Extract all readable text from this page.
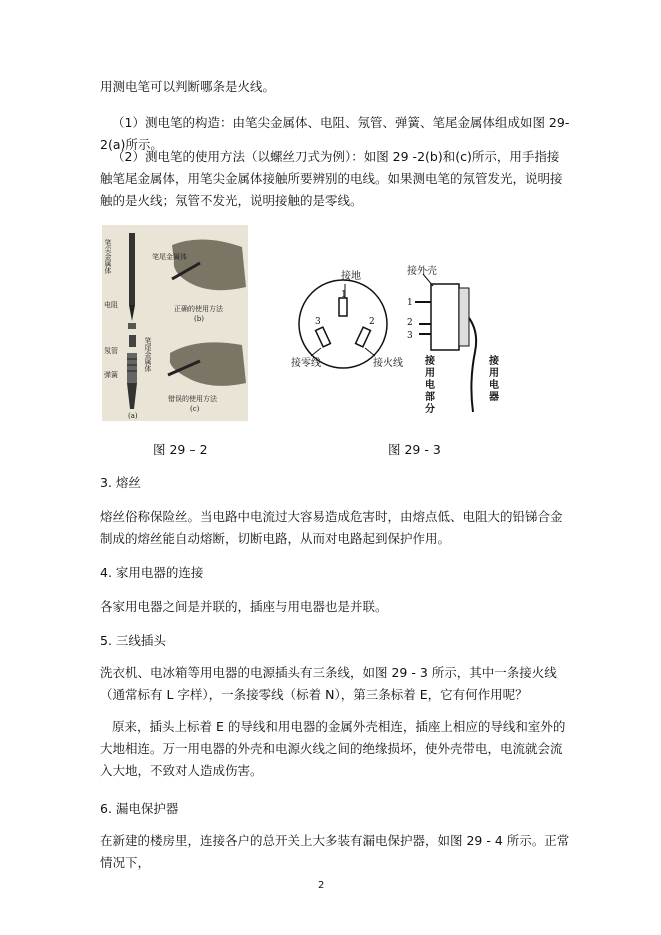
用测电笔可以判断哪条是火线。

（1）测电笔的构造：由笔尖金属体、电阻、氖管、弹簧、笔尾金属体组成如图 29-2(a)所示。

（2）测电笔的使用方法（以螺丝刀式为例）：如图 29 -2(b)和(c)所示，用手指接触笔尾金属体，用笔尖金属体接触所要辨别的电线。如果测电笔的氖管发光，说明接触的是火线；氖管不发光，说明接触的是零线。

笔尖金属体
电阻
氖管
弹簧
笔尾金属体
笔尾金属体
正确的使用方法
(b)
错误的使用方法
(c)
(a)
接地
1
3	2
接零线	接火线
接外壳
1
2
3
接
用
电
部
分
接
用
电
器
图 29 – 2	图 29 - 3

3. 熔丝

熔丝俗称保险丝。当电路中电流过大容易造成危害时，由熔点低、电阻大的铅锑合金制成的熔丝能自动熔断，切断电路，从而对电路起到保护作用。

4. 家用电器的连接

各家用电器之间是并联的，插座与用电器也是并联。

5. 三线插头

洗衣机、电冰箱等用电器的电源插头有三条线，如图 29 - 3 所示，其中一条接火线（通常标有 L 字样），一条接零线（标着 N），第三条标着 E，它有何作用呢？

原来，插头上标着 E 的导线和用电器的金属外壳相连，插座上相应的导线和室外的大地相连。万一用电器的外壳和电源火线之间的绝缘损坏，使外壳带电，电流就会流入大地，不致对人造成伤害。

6. 漏电保护器

在新建的楼房里，连接各户的总开关上大多装有漏电保护器，如图 29 - 4 所示。正常情况下，

2
